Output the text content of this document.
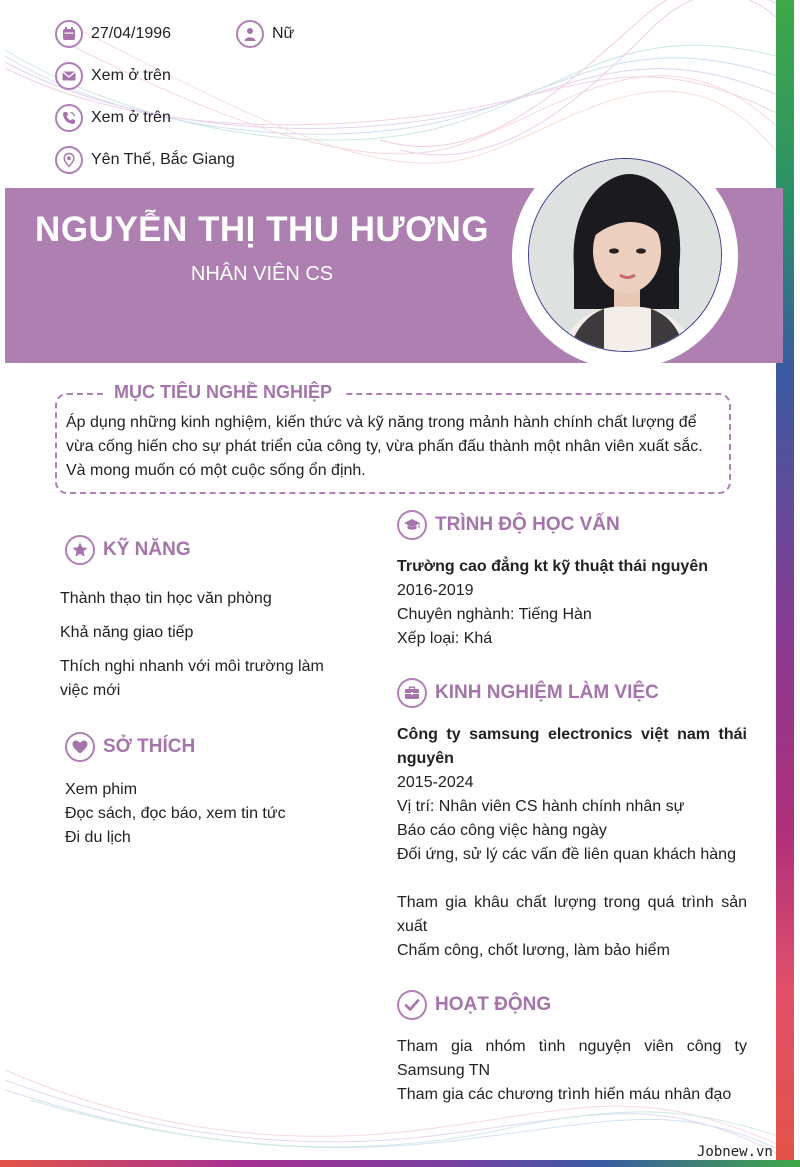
27/04/1996	Nữ
Xem ở trên
Xem ở trên
Yên Thế, Bắc Giang
NGUYỄN THỊ THU HƯƠNG
NHÂN VIÊN CS
MỤC TIÊU NGHỀ NGHIỆP
Áp dụng những kinh nghiệm, kiến thức và kỹ năng trong mảnh hành chính chất lượng để vừa cống hiến cho sự phát triển của công ty, vừa phấn đấu thành một nhân viên xuất sắc. Và mong muốn có một cuộc sống ổn định.
KỸ NĂNG
Thành thạo tin học văn phòng
Khả năng giao tiếp
Thích nghi nhanh với môi trường làm việc mới
SỞ THÍCH
Xem phim
Đọc sách, đọc báo, xem tin tức
Đi du lịch
TRÌNH ĐỘ HỌC VẤN
Trường cao đẳng kt kỹ thuật thái nguyên
2016-2019
Chuyên nghành: Tiếng Hàn
Xếp loại: Khá
KINH NGHIỆM LÀM VIỆC
Công ty samsung electronics việt nam thái nguyên
2015-2024
Vị trí: Nhân viên CS hành chính nhân sự
Báo cáo công việc hàng ngày
Đối ứng, sử lý các vấn đề liên quan khách hàng
Tham gia khâu chất lượng trong quá trình sản xuất
Chấm công, chốt lương, làm bảo hiểm
HOẠT ĐỘNG
Tham gia nhóm tình nguyện viên công ty Samsung TN
Tham gia các chương trình hiến máu nhân đạo
Jobnew.vn
